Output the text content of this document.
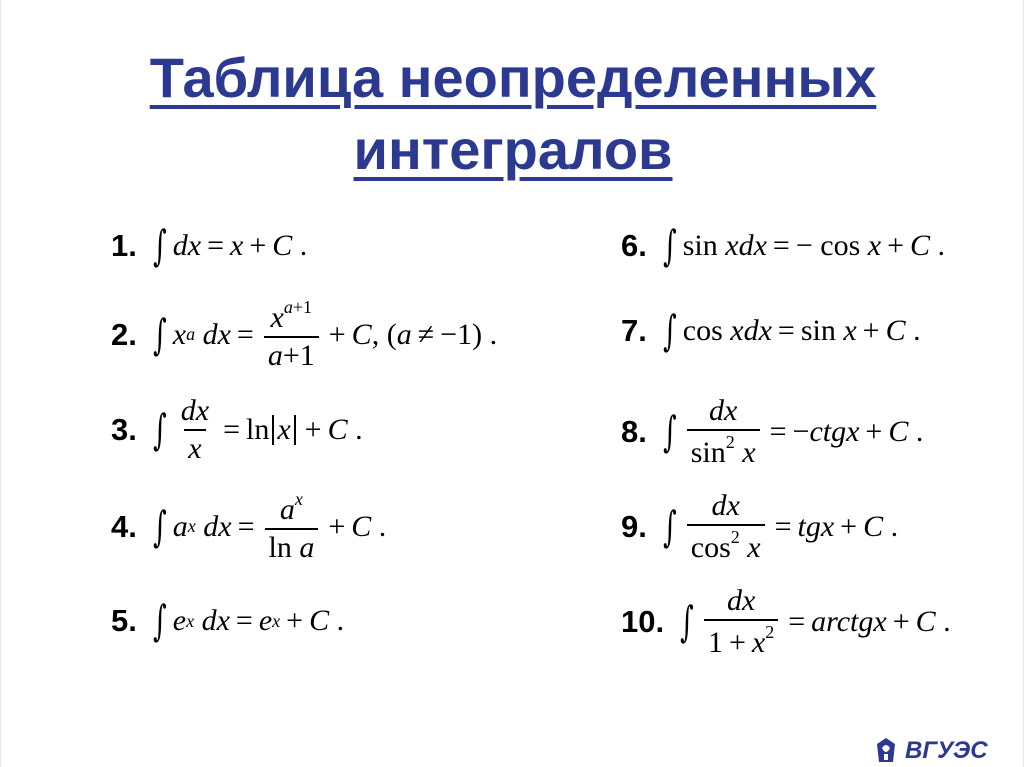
Таблица неопределенных
интегралов
1. ∫ dx = x + C .
2. ∫ x a
dx = $\frac{x^{a+1}}{a+1} + C$ , ( a ≠ −1) .
3. ∫ $\frac{dx}{x} = \ln x + C$ .
4. ∫ a x
dx = $\frac{a^x}{\text{ln a}} + C$ .
5. ∫ e x
dx = e x + C .
6. ∫ sin xdx = − cos x + C .
7. ∫ cos xdx = sin x + C .
8. ∫ $\frac{dx}{\sin^2 x}$ = − ctgx + C .
9. ∫ $\frac{dx}{\cos^2 x}$ = tgx + C .
10. ∫ $\frac{dx}{1 + x^2}$ = arctgx + C .
ВГУЭС
